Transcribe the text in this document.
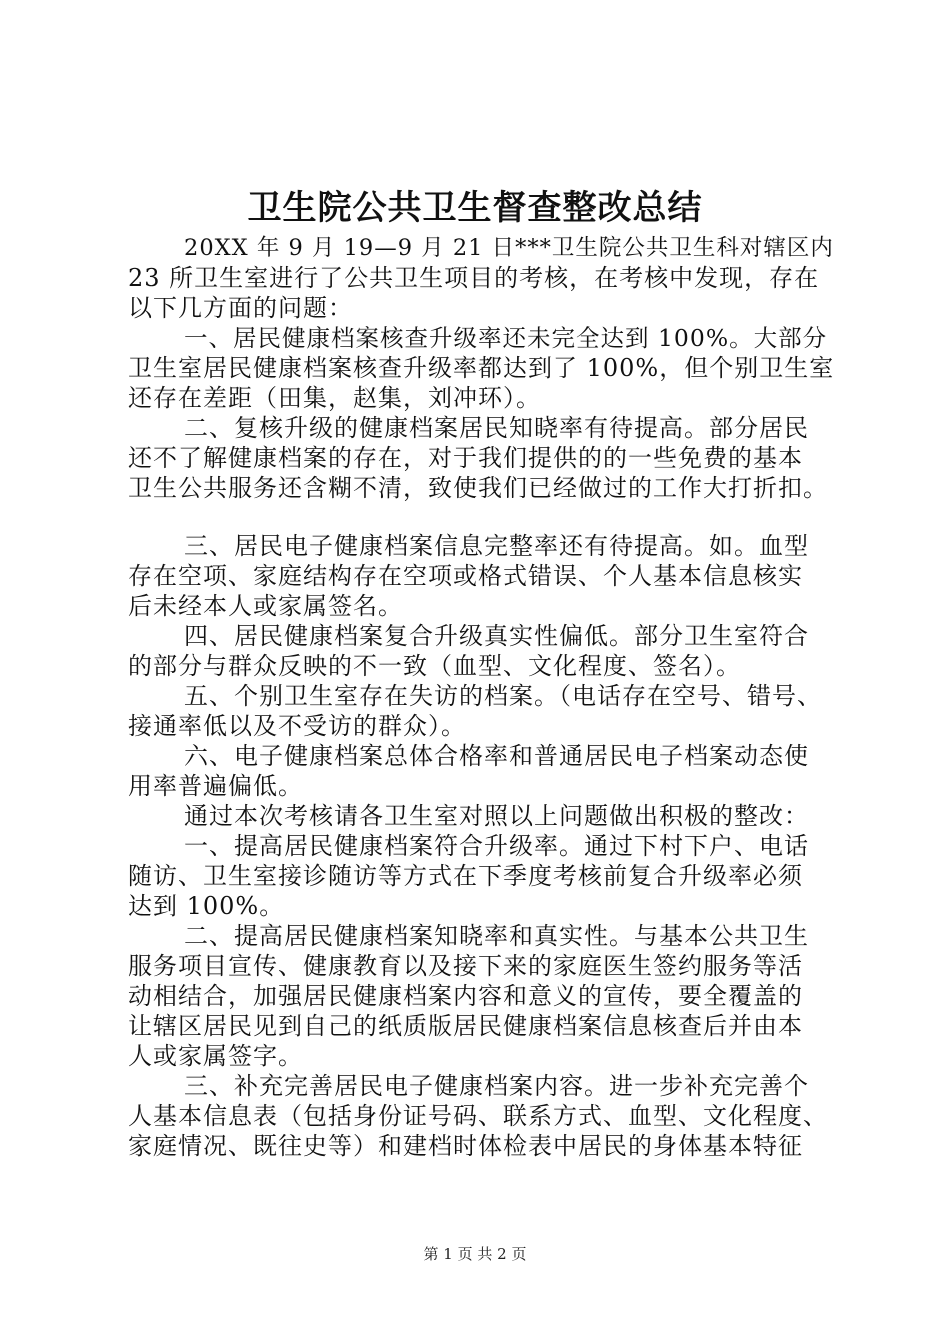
卫生院公共卫生督查整改总结
20XX 年 9 月 19—9 月 21 日***卫生院公共卫生科对辖区内
23 所卫生室进行了公共卫生项目的考核，在考核中发现，存在
以下几方面的问题：
一、居民健康档案核查升级率还未完全达到 100%。大部分
卫生室居民健康档案核查升级率都达到了 100%，但个别卫生室
还存在差距（田集，赵集，刘冲环）。
二、复核升级的健康档案居民知晓率有待提高。部分居民
还不了解健康档案的存在，对于我们提供的的一些免费的基本
卫生公共服务还含糊不清，致使我们已经做过的工作大打折扣。
三、居民电子健康档案信息完整率还有待提高。如。血型
存在空项、家庭结构存在空项或格式错误、个人基本信息核实
后未经本人或家属签名。
四、居民健康档案复合升级真实性偏低。部分卫生室符合
的部分与群众反映的不一致（血型、文化程度、签名）。
五、个别卫生室存在失访的档案。（电话存在空号、错号、
接通率低以及不受访的群众）。
六、电子健康档案总体合格率和普通居民电子档案动态使
用率普遍偏低。
通过本次考核请各卫生室对照以上问题做出积极的整改：
一、提高居民健康档案符合升级率。通过下村下户、电话
随访、卫生室接诊随访等方式在下季度考核前复合升级率必须
达到 100%。
二、提高居民健康档案知晓率和真实性。与基本公共卫生
服务项目宣传、健康教育以及接下来的家庭医生签约服务等活
动相结合，加强居民健康档案内容和意义的宣传，要全覆盖的
让辖区居民见到自己的纸质版居民健康档案信息核查后并由本
人或家属签字。
三、补充完善居民电子健康档案内容。进一步补充完善个
人基本信息表（包括身份证号码、联系方式、血型、文化程度、
家庭情况、既往史等）和建档时体检表中居民的身体基本特征
第 1 页 共 2 页
